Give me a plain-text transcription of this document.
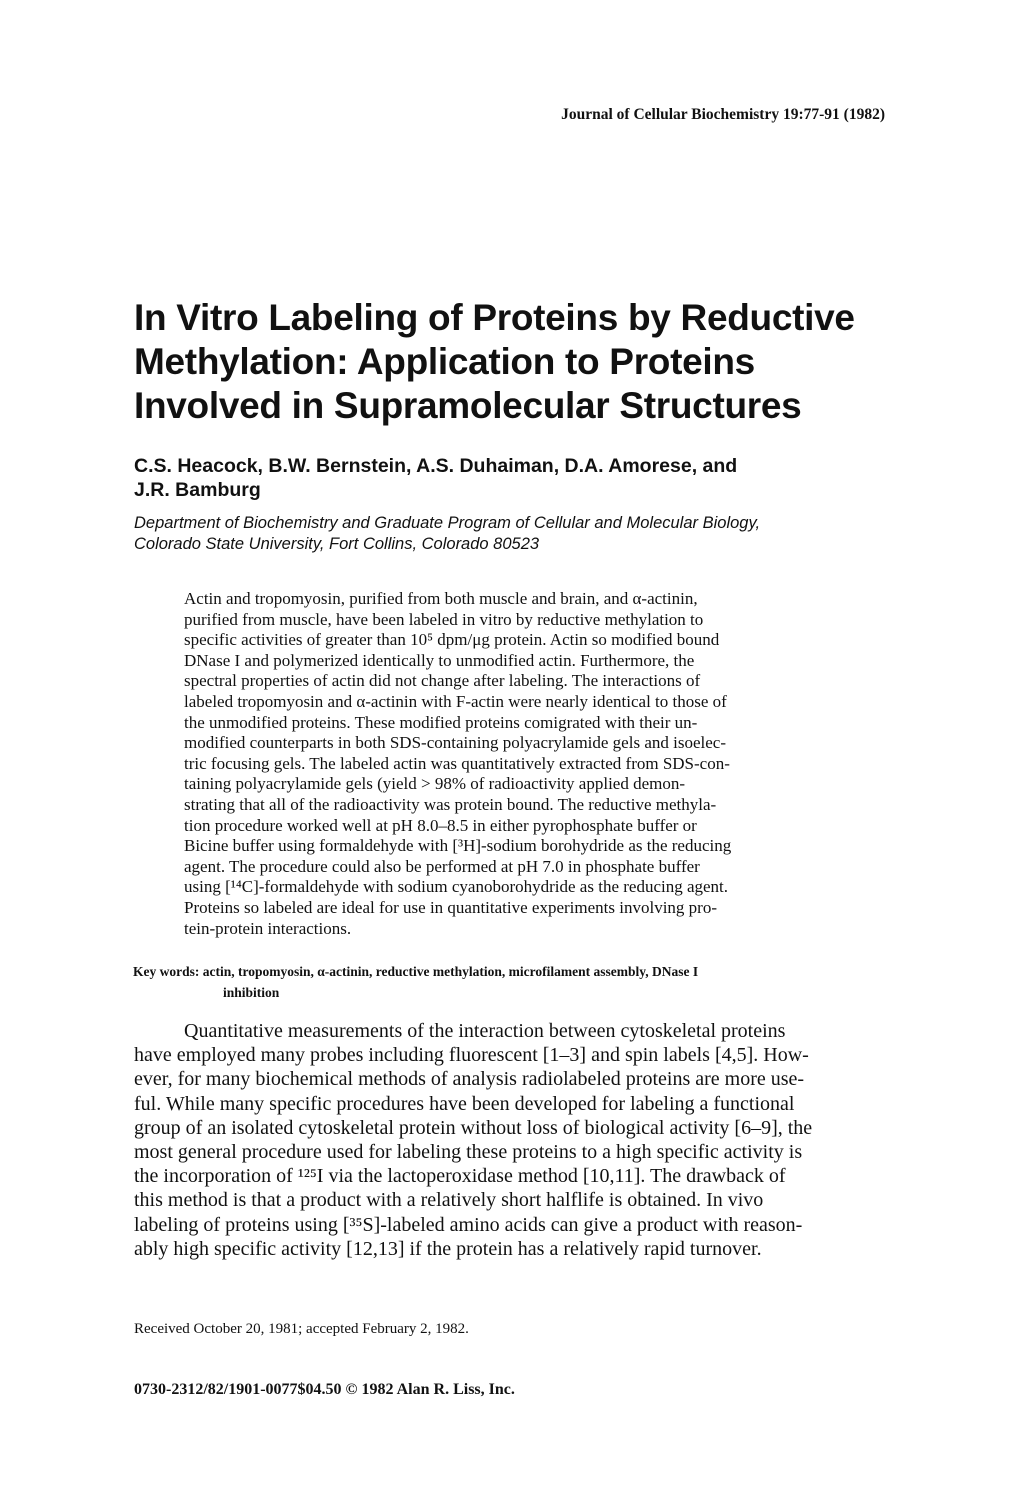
Journal of Cellular Biochemistry 19:77-91 (1982)
In Vitro Labeling of Proteins by Reductive
Methylation: Application to Proteins
Involved in Supramolecular Structures
C.S. Heacock, B.W. Bernstein, A.S. Duhaiman, D.A. Amorese, and
J.R. Bamburg
Department of Biochemistry and Graduate Program of Cellular and Molecular Biology,
Colorado State University, Fort Collins, Colorado 80523
Actin and tropomyosin, purified from both muscle and brain, and α-actinin,
purified from muscle, have been labeled in vitro by reductive methylation to
specific activities of greater than 10⁵ dpm/μg protein. Actin so modified bound
DNase I and polymerized identically to unmodified actin. Furthermore, the
spectral properties of actin did not change after labeling. The interactions of
labeled tropomyosin and α-actinin with F-actin were nearly identical to those of
the unmodified proteins. These modified proteins comigrated with their un-
modified counterparts in both SDS-containing polyacrylamide gels and isoelec-
tric focusing gels. The labeled actin was quantitatively extracted from SDS-con-
taining polyacrylamide gels (yield > 98% of radioactivity applied demon-
strating that all of the radioactivity was protein bound. The reductive methyla-
tion procedure worked well at pH 8.0–8.5 in either pyrophosphate buffer or
Bicine buffer using formaldehyde with [³H]-sodium borohydride as the reducing
agent. The procedure could also be performed at pH 7.0 in phosphate buffer
using [¹⁴C]-formaldehyde with sodium cyanoborohydride as the reducing agent.
Proteins so labeled are ideal for use in quantitative experiments involving pro-
tein-protein interactions.
Key words: actin, tropomyosin, α-actinin, reductive methylation, microfilament assembly, DNase I
inhibition
Quantitative measurements of the interaction between cytoskeletal proteins
have employed many probes including fluorescent [1–3] and spin labels [4,5]. How-
ever, for many biochemical methods of analysis radiolabeled proteins are more use-
ful. While many specific procedures have been developed for labeling a functional
group of an isolated cytoskeletal protein without loss of biological activity [6–9], the
most general procedure used for labeling these proteins to a high specific activity is
the incorporation of ¹²⁵I via the lactoperoxidase method [10,11]. The drawback of
this method is that a product with a relatively short halflife is obtained. In vivo
labeling of proteins using [³⁵S]-labeled amino acids can give a product with reason-
ably high specific activity [12,13] if the protein has a relatively rapid turnover.
Received October 20, 1981; accepted February 2, 1982.
0730-2312/82/1901-0077$04.50 © 1982 Alan R. Liss, Inc.
